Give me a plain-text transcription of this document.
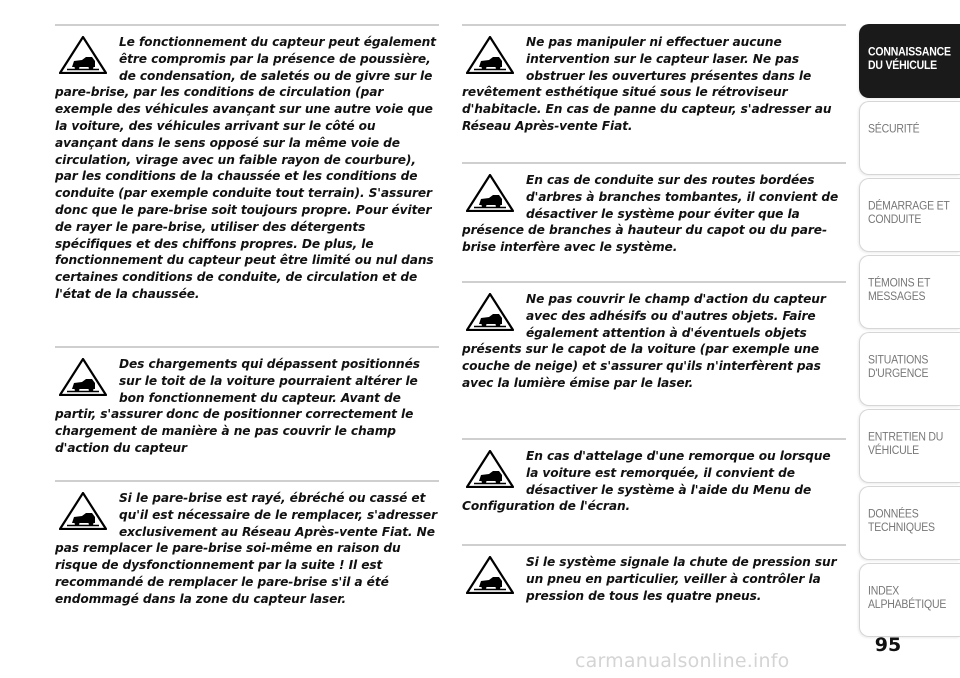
Le fonctionnement du capteur peut également être compromis par la présence de poussière, de condensation, de saletés ou de givre sur le pare-brise, par les conditions de circulation (par exemple des véhicules avançant sur une autre voie que la voiture, des véhicules arrivant sur le côté ou avançant dans le sens opposé sur la même voie de circulation, virage avec un faible rayon de courbure), par les conditions de la chaussée et les conditions de conduite (par exemple conduite tout terrain). S'assurer donc que le pare-brise soit toujours propre. Pour éviter de rayer le pare-brise, utiliser des détergents spécifiques et des chiffons propres. De plus, le fonctionnement du capteur peut être limité ou nul dans certaines conditions de conduite, de circulation et de l'état de la chaussée.

Des chargements qui dépassent positionnés sur le toit de la voiture pourraient altérer le bon fonctionnement du capteur. Avant de partir, s'assurer donc de positionner correctement le chargement de manière à ne pas couvrir le champ d'action du capteur

Si le pare-brise est rayé, ébréché ou cassé et qu'il est nécessaire de le remplacer, s'adresser exclusivement au Réseau Après-vente Fiat. Ne pas remplacer le pare-brise soi-même en raison du risque de dysfonctionnement par la suite ! Il est recommandé de remplacer le pare-brise s'il a été endommagé dans la zone du capteur laser.

Ne pas manipuler ni effectuer aucune intervention sur le capteur laser. Ne pas obstruer les ouvertures présentes dans le revêtement esthétique situé sous le rétroviseur d'habitacle. En cas de panne du capteur, s'adresser au Réseau Après-vente Fiat.

En cas de conduite sur des routes bordées d'arbres à branches tombantes, il convient de désactiver le système pour éviter que la présence de branches à hauteur du capot ou du pare-brise interfère avec le système.

Ne pas couvrir le champ d'action du capteur avec des adhésifs ou d'autres objets. Faire également attention à d'éventuels objets présents sur le capot de la voiture (par exemple une couche de neige) et s'assurer qu'ils n'interfèrent pas avec la lumière émise par le laser.

En cas d'attelage d'une remorque ou lorsque la voiture est remorquée, il convient de désactiver le système à l'aide du Menu de Configuration de l'écran.

Si le système signale la chute de pression sur un pneu en particulier, veiller à contrôler la pression de tous les quatre pneus.

CONNAISSANCE
DU VÉHICULE
SÉCURITÉ
DÉMARRAGE ET
CONDUITE
TÉMOINS ET
MESSAGES
SITUATIONS
D'URGENCE
ENTRETIEN DU
VÉHICULE
DONNÉES
TECHNIQUES
INDEX
ALPHABÉTIQUE
95
carmanualsonline.info
